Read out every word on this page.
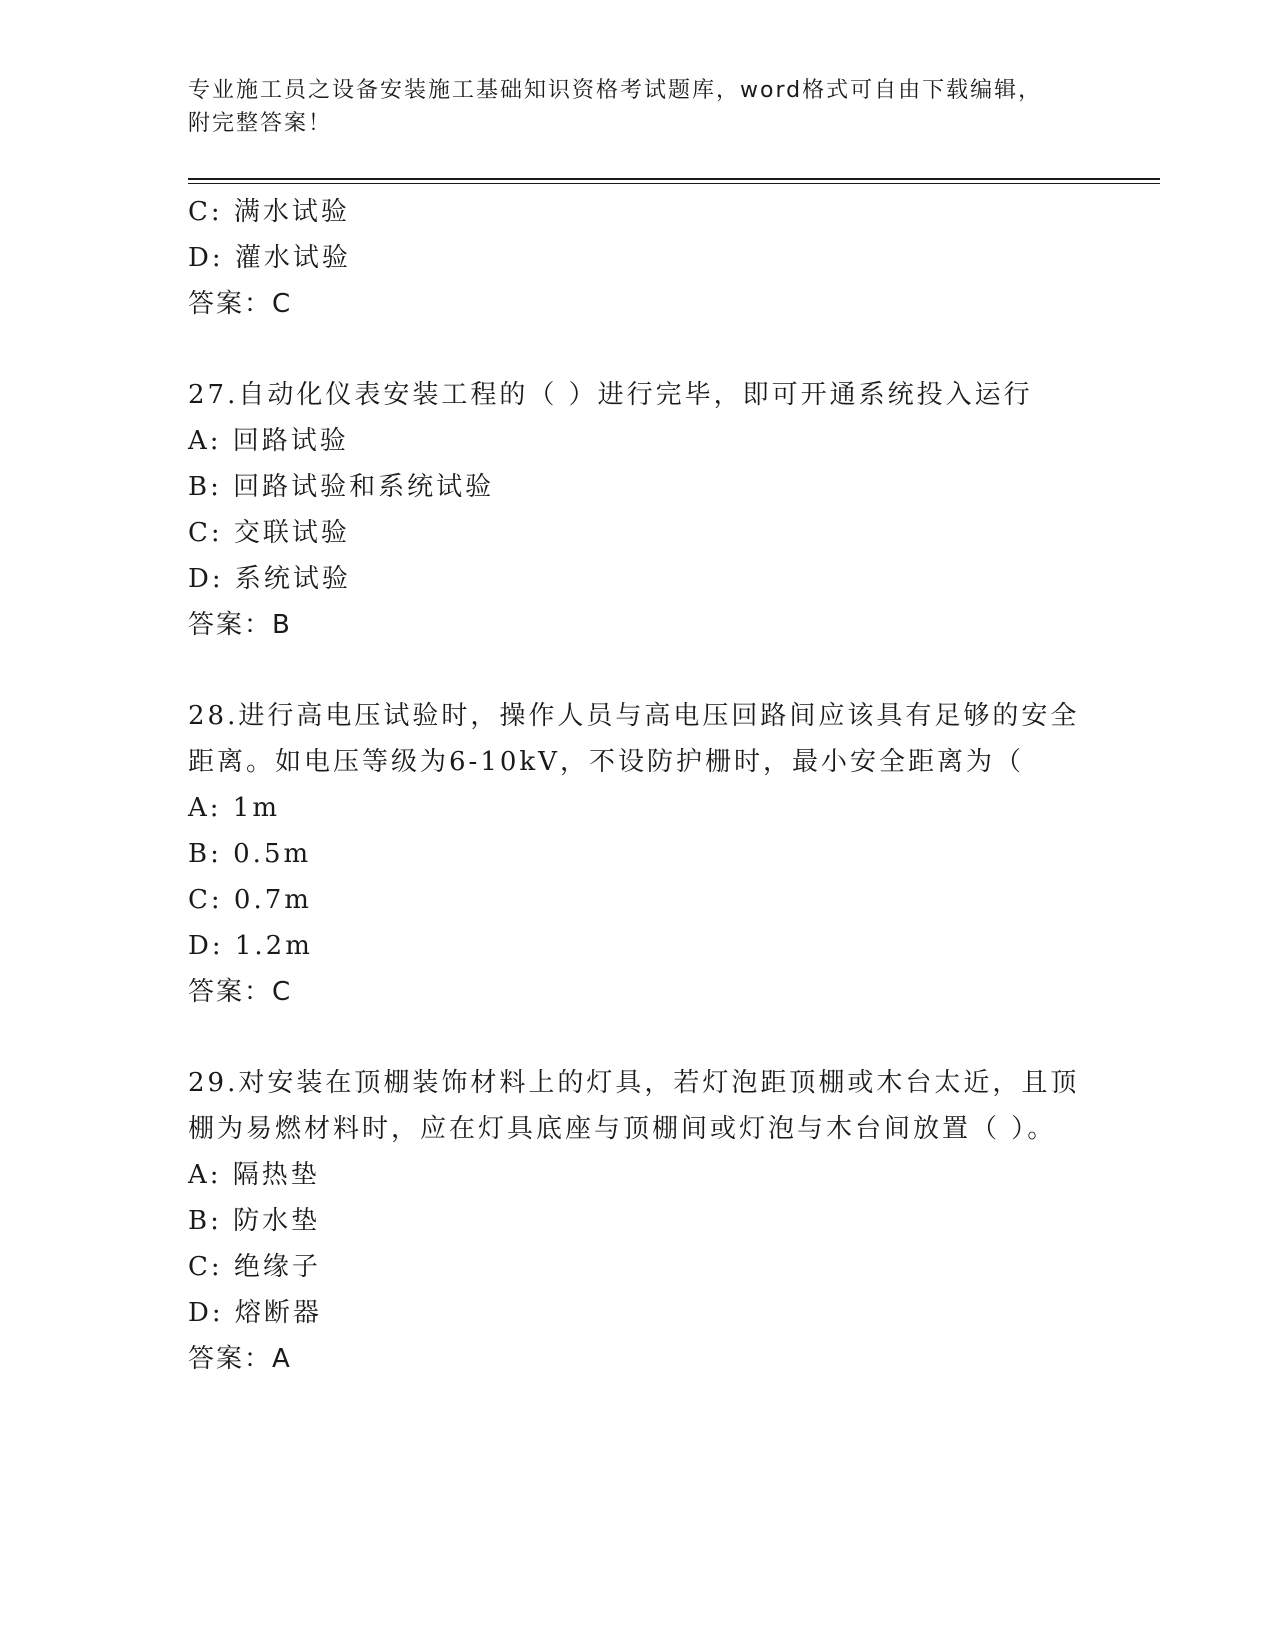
专业施工员之设备安装施工基础知识资格考试题库，word格式可自由下载编辑，
附完整答案！
C: 满水试验
D: 灌水试验
答案：C
27.自动化仪表安装工程的（ ）进行完毕，即可开通系统投入运行
A: 回路试验
B: 回路试验和系统试验
C: 交联试验
D: 系统试验
答案：B
28.进行高电压试验时，操作人员与高电压回路间应该具有足够的安全
距离。如电压等级为6-10kV，不设防护栅时，最小安全距离为（
A: 1m
B: 0.5m
C: 0.7m
D: 1.2m
答案：C
29.对安装在顶棚装饰材料上的灯具，若灯泡距顶棚或木台太近，且顶
棚为易燃材料时，应在灯具底座与顶棚间或灯泡与木台间放置（ ）。
A: 隔热垫
B: 防水垫
C: 绝缘子
D: 熔断器
答案：A
